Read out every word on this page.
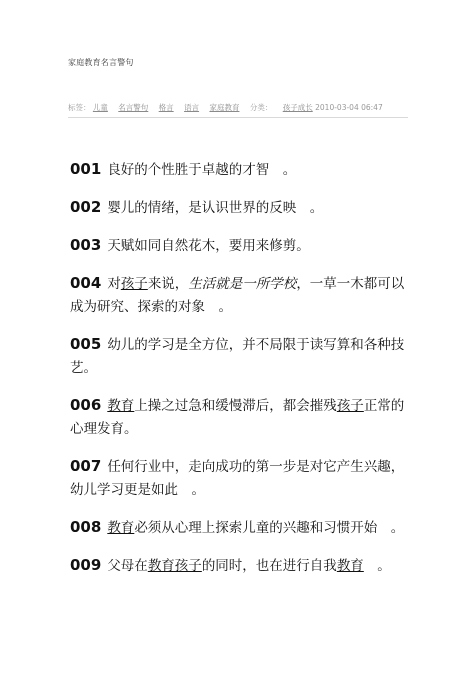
家庭教育名言警句
标签： 儿童 名言警句 格言 语言 家庭教育 分类： 孩子成长 2010-03-04 06:47

001 良好的个性胜于卓越的才智　。

002 婴儿的情绪，是认识世界的反映　。

003 天赋如同自然花木，要用来修剪。

004 对孩子来说，生活就是一所学校，一草一木都可以成为研究、探索的对象　。

005 幼儿的学习是全方位，并不局限于读写算和各种技艺。

006 教育上操之过急和缓慢滞后，都会摧残孩子正常的心理发育。

007 任何行业中，走向成功的第一步是对它产生兴趣，幼儿学习更是如此　。

008 教育必须从心理上探索儿童的兴趣和习惯开始　。

009 父母在教育孩子的同时，也在进行自我教育　。
